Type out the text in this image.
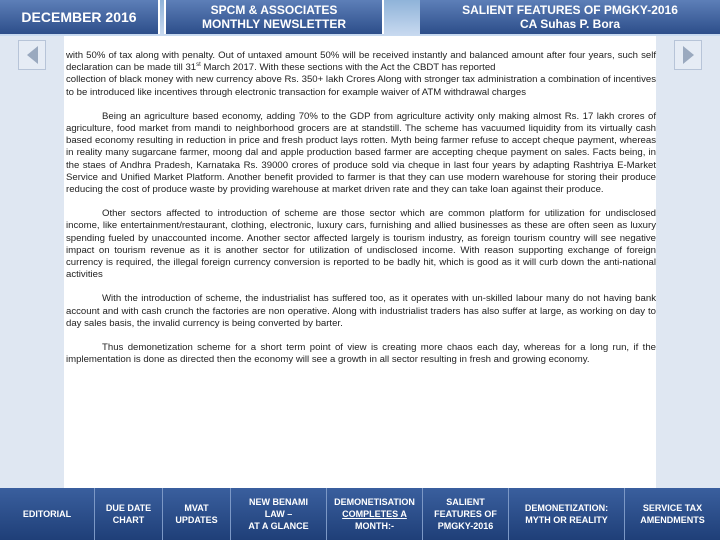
DECEMBER 2016	SPCM & ASSOCIATES
MONTHLY NEWSLETTER
SALIENT FEATURES OF PMGKY-2016
CA Suhas P. Bora

with 50% of tax along with penalty. Out of untaxed amount 50% will be received instantly and balanced amount after four years, such self declaration can be made till 31st March 2017. With these sections with the Act the CBDT has reported
collection of black money with new currency above Rs. 350+ lakh Crores Along with stronger tax administration a combination of incentives to be introduced like incentives through electronic transaction for example waiver of ATM withdrawal charges

Being an agriculture based economy, adding 70% to the GDP from agriculture activity only making almost Rs. 17 lakh crores of agriculture, food market from mandi to neighborhood grocers are at standstill. The scheme has vacuumed liquidity from its virtually cash based economy resulting in reduction in price and fresh product lays rotten. Myth being farmer refuse to accept cheque payment, whereas in reality many sugarcane farmer, moong dal and apple production based farmer are accepting cheque payment on sales. Facts being, in the staes of Andhra Pradesh, Karnataka Rs. 39000 crores of produce sold via cheque in last four years by adapting Rashtriya E-Market Service and Unified Market Platform. Another benefit provided to farmer is that they can use modern warehouse for storing their produce reducing the cost of produce waste by providing warehouse at market driven rate and they can take loan against their produce.

Other sectors affected to introduction of scheme are those sector which are common platform for utilization for undisclosed income, like entertainment/restaurant, clothing, electronic, luxury cars, furnishing and allied businesses as these are often seen as luxury spending fueled by unaccounted income. Another sector affected largely is tourism industry, as foreign tourism country will see negative impact on tourism revenue as it is another sector for utilization of undisclosed income. With reason supporting exchange of foreign currency is required, the illegal foreign currency conversion is reported to be badly hit, which is good as it will curb down the anti-national activities

With the introduction of scheme, the industrialist has suffered too, as it operates with un-skilled labour many do not having bank account and with cash crunch the factories are non operative. Along with industrialist traders has also suffer at large, as working on day to day sales basis, the invalid currency is being converted by barter.

Thus demonetization scheme for a short term point of view is creating more chaos each day, whereas for a long run, if the implementation is done as directed then the economy will see a growth in all sector resulting in fresh and growing economy.

EDITORIAL
DUE DATE
CHART
MVAT
UPDATES
NEW BENAMI
LAW –
AT A GLANCE
DEMONETISATION
COMPLETES A
MONTH:-
SALIENT
FEATURES OF
PMGKY-2016
DEMONETIZATION:
MYTH OR REALITY
SERVICE TAX
AMENDMENTS
